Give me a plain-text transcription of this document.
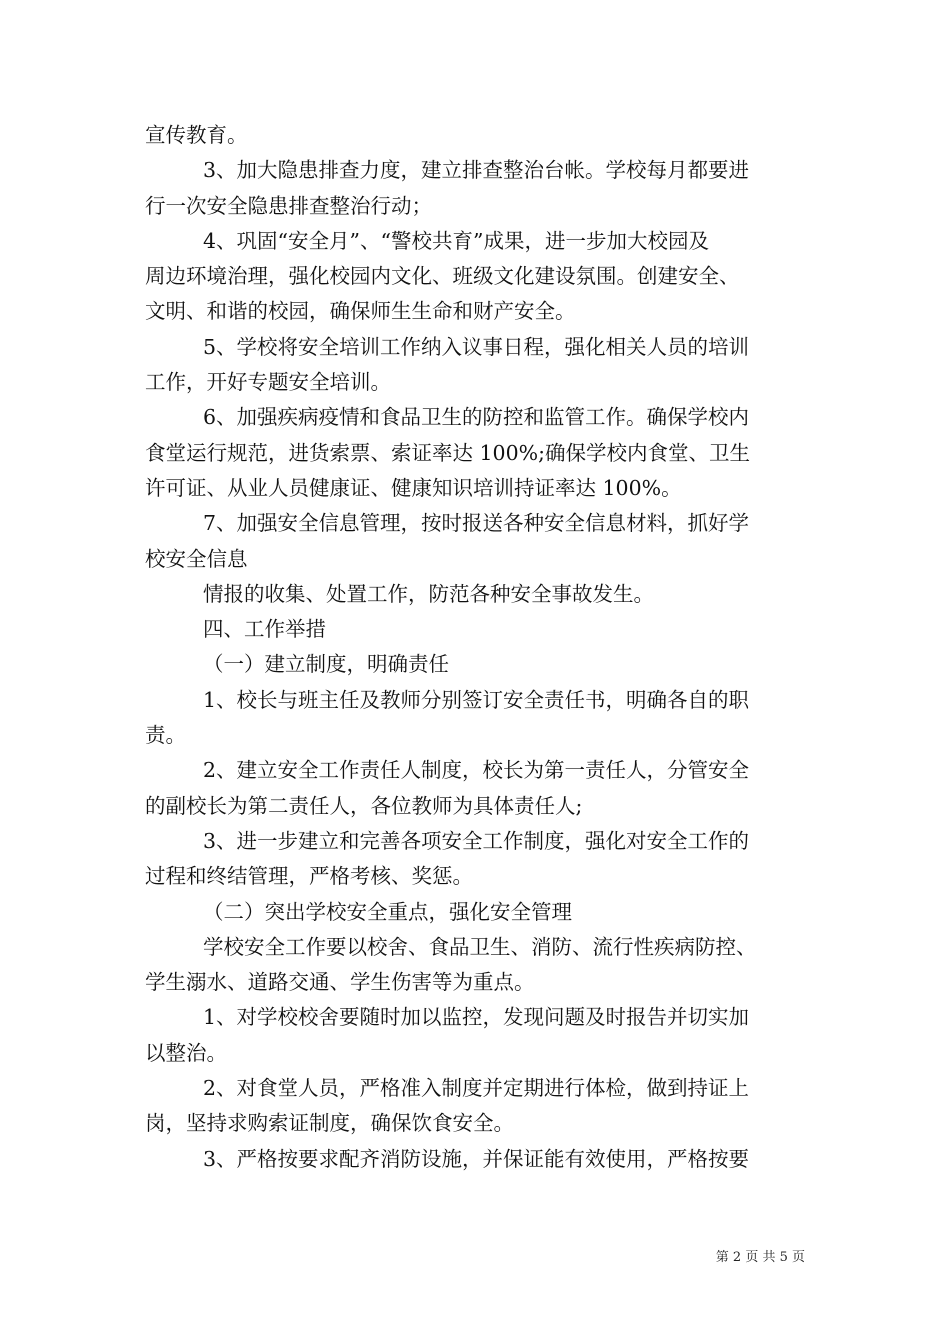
宣传教育。
3、加大隐患排查力度，建立排查整治台帐。学校每月都要进
行一次安全隐患排查整治行动；
4、巩固“安全月”、“警校共育”成果，进一步加大校园及
周边环境治理，强化校园内文化、班级文化建设氛围。创建安全、
文明、和谐的校园，确保师生生命和财产安全。
5、学校将安全培训工作纳入议事日程，强化相关人员的培训
工作，开好专题安全培训。
6、加强疾病疫情和食品卫生的防控和监管工作。确保学校内
食堂运行规范，进货索票、索证率达 100%;确保学校内食堂、卫生
许可证、从业人员健康证、健康知识培训持证率达 100%。
7、加强安全信息管理，按时报送各种安全信息材料，抓好学
校安全信息
情报的收集、处置工作，防范各种安全事故发生。
四、工作举措
（一）建立制度，明确责任
1、校长与班主任及教师分别签订安全责任书，明确各自的职
责。
2、建立安全工作责任人制度，校长为第一责任人，分管安全
的副校长为第二责任人，各位教师为具体责任人;
3、进一步建立和完善各项安全工作制度，强化对安全工作的
过程和终结管理，严格考核、奖惩。
（二）突出学校安全重点，强化安全管理
学校安全工作要以校舍、食品卫生、消防、流行性疾病防控、
学生溺水、道路交通、学生伤害等为重点。
1、对学校校舍要随时加以监控，发现问题及时报告并切实加
以整治。
2、对食堂人员，严格准入制度并定期进行体检，做到持证上
岗，坚持求购索证制度，确保饮食安全。
3、严格按要求配齐消防设施，并保证能有效使用，严格按要
第 2 页 共 5 页
